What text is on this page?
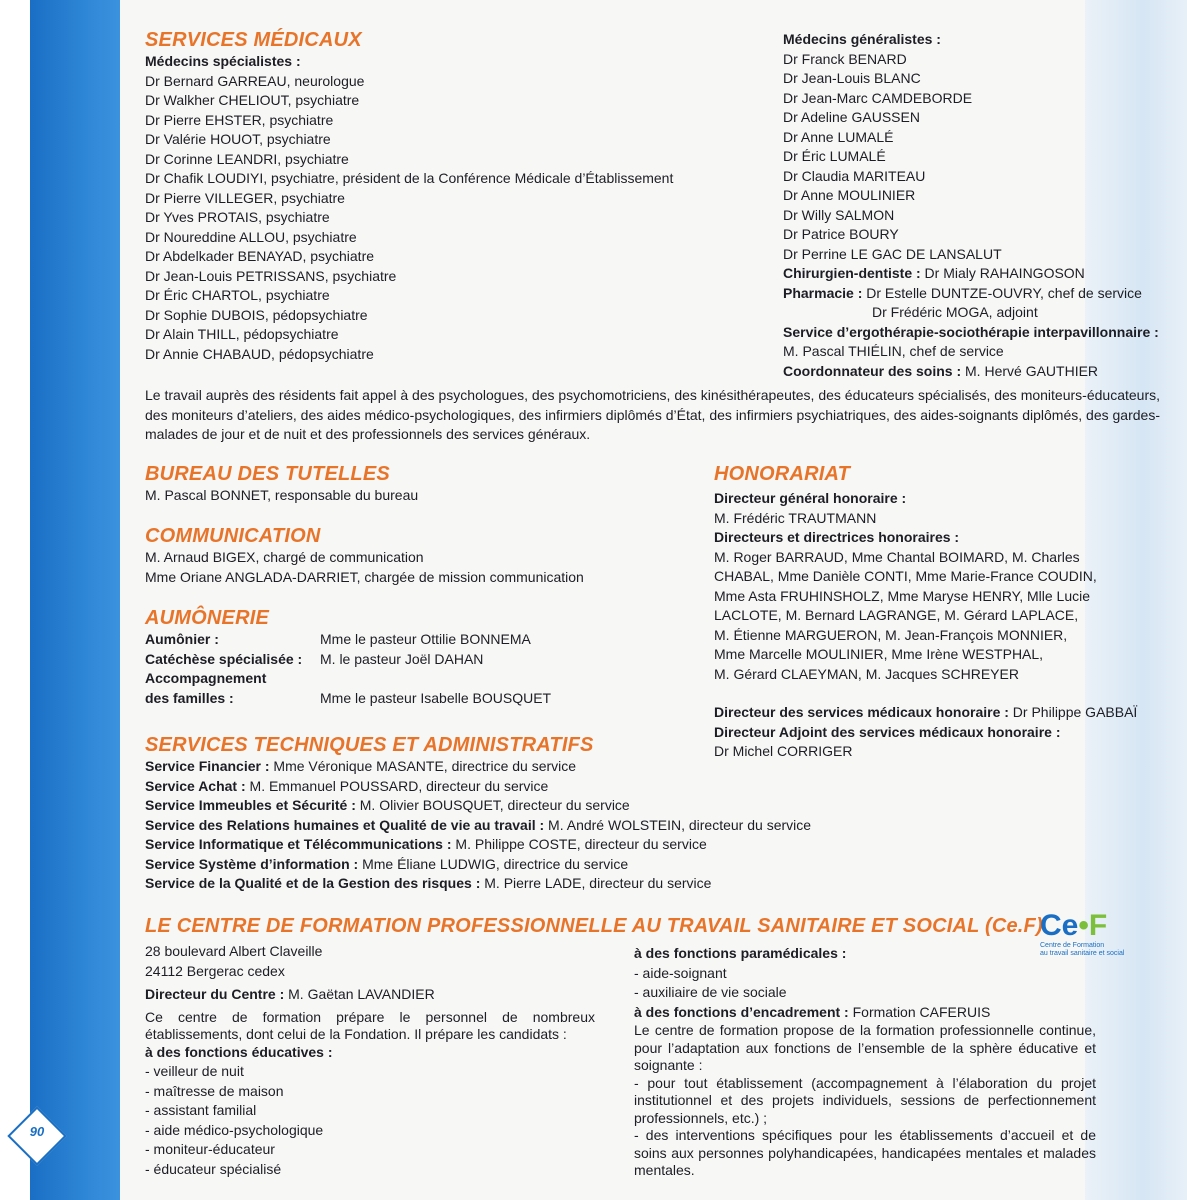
90
SERVICES MÉDICAUX
Médecins spécialistes :
Dr Bernard GARREAU, neurologue
Dr Walkher CHELIOUT, psychiatre
Dr Pierre EHSTER, psychiatre
Dr Valérie HOUOT, psychiatre
Dr Corinne LEANDRI, psychiatre
Dr Chafik LOUDIYI, psychiatre, président de la Conférence Médicale d’Établissement
Dr Pierre VILLEGER, psychiatre
Dr Yves PROTAIS, psychiatre
Dr Noureddine ALLOU, psychiatre
Dr Abdelkader BENAYAD, psychiatre
Dr Jean-Louis PETRISSANS, psychiatre
Dr Éric CHARTOL, psychiatre
Dr Sophie DUBOIS, pédopsychiatre
Dr Alain THILL, pédopsychiatre
Dr Annie CHABAUD, pédopsychiatre
Médecins généralistes :
Dr Franck BENARD
Dr Jean-Louis BLANC
Dr Jean-Marc CAMDEBORDE
Dr Adeline GAUSSEN
Dr Anne LUMALÉ
Dr Éric LUMALÉ
Dr Claudia MARITEAU
Dr Anne MOULINIER
Dr Willy SALMON
Dr Patrice BOURY
Dr Perrine LE GAC DE LANSALUT
Chirurgien-dentiste : Dr Mialy RAHAINGOSON
Pharmacie : Dr Estelle DUNTZE-OUVRY, chef de service
Dr Frédéric MOGA, adjoint
Service d’ergothérapie-sociothérapie interpavillonnaire :
M. Pascal THIÉLIN, chef de service
Coordonnateur des soins : M. Hervé GAUTHIER
Le travail auprès des résidents fait appel à des psychologues, des psychomotriciens, des kinésithérapeutes, des éducateurs spécialisés, des moniteurs-éducateurs, des moniteurs d’ateliers, des aides médico-psychologiques, des infirmiers diplômés d’État, des infirmiers psychiatriques, des aides-soignants diplômés, des gardes-malades de jour et de nuit et des professionnels des services généraux.
BUREAU DES TUTELLES
M. Pascal BONNET, responsable du bureau
COMMUNICATION
M. Arnaud BIGEX, chargé de communication
Mme Oriane ANGLADA-DARRIET, chargée de mission communication
AUMÔNERIE
Aumônier :	Mme le pasteur Ottilie BONNEMA
Catéchèse spécialisée :	M. le pasteur Joël DAHAN
Accompagnement
des familles :	Mme le pasteur Isabelle BOUSQUET
HONORARIAT
Directeur général honoraire :
M. Frédéric TRAUTMANN
Directeurs et directrices honoraires :
M. Roger BARRAUD, Mme Chantal BOIMARD, M. Charles
CHABAL, Mme Danièle CONTI, Mme Marie-France COUDIN,
Mme Asta FRUHINSHOLZ, Mme Maryse HENRY, Mlle Lucie
LACLOTE, M. Bernard LAGRANGE, M. Gérard LAPLACE,
M. Étienne MARGUERON, M. Jean-François MONNIER,
Mme Marcelle MOULINIER, Mme Irène WESTPHAL,
M. Gérard CLAEYMAN, M. Jacques SCHREYER
Directeur des services médicaux honoraire : Dr Philippe GABBAÏ
Directeur Adjoint des services médicaux honoraire :
Dr Michel CORRIGER
SERVICES TECHNIQUES ET ADMINISTRATIFS
Service Financier : Mme Véronique MASANTE, directrice du service
Service Achat : M. Emmanuel POUSSARD, directeur du service
Service Immeubles et Sécurité : M. Olivier BOUSQUET, directeur du service
Service des Relations humaines et Qualité de vie au travail : M. André WOLSTEIN, directeur du service
Service Informatique et Télécommunications : M. Philippe COSTE, directeur du service
Service Système d’information : Mme Éliane LUDWIG, directrice du service
Service de la Qualité et de la Gestion des risques : M. Pierre LADE, directeur du service
LE CENTRE DE FORMATION PROFESSIONNELLE AU TRAVAIL SANITAIRE ET SOCIAL (Ce.F)
Ce•F
Centre de Formation
au travail sanitaire et social
28 boulevard Albert Claveille
24112 Bergerac cedex
Directeur du Centre : M. Gaëtan LAVANDIER
Ce centre de formation prépare le personnel de nombreux établissements, dont celui de la Fondation. Il prépare les candidats :
à des fonctions éducatives :
- veilleur de nuit
- maîtresse de maison
- assistant familial
- aide médico-psychologique
- moniteur-éducateur
- éducateur spécialisé
à des fonctions paramédicales :
- aide-soignant
- auxiliaire de vie sociale
à des fonctions d’encadrement : Formation CAFERUIS
Le centre de formation propose de la formation professionnelle continue, pour l’adaptation aux fonctions de l’ensemble de la sphère éducative et soignante :
- pour tout établissement (accompagnement à l’élaboration du projet institutionnel et des projets individuels, sessions de perfectionnement professionnels, etc.) ;
- des interventions spécifiques pour les établissements d’accueil et de soins aux personnes polyhandicapées, handicapées mentales et malades mentales.
